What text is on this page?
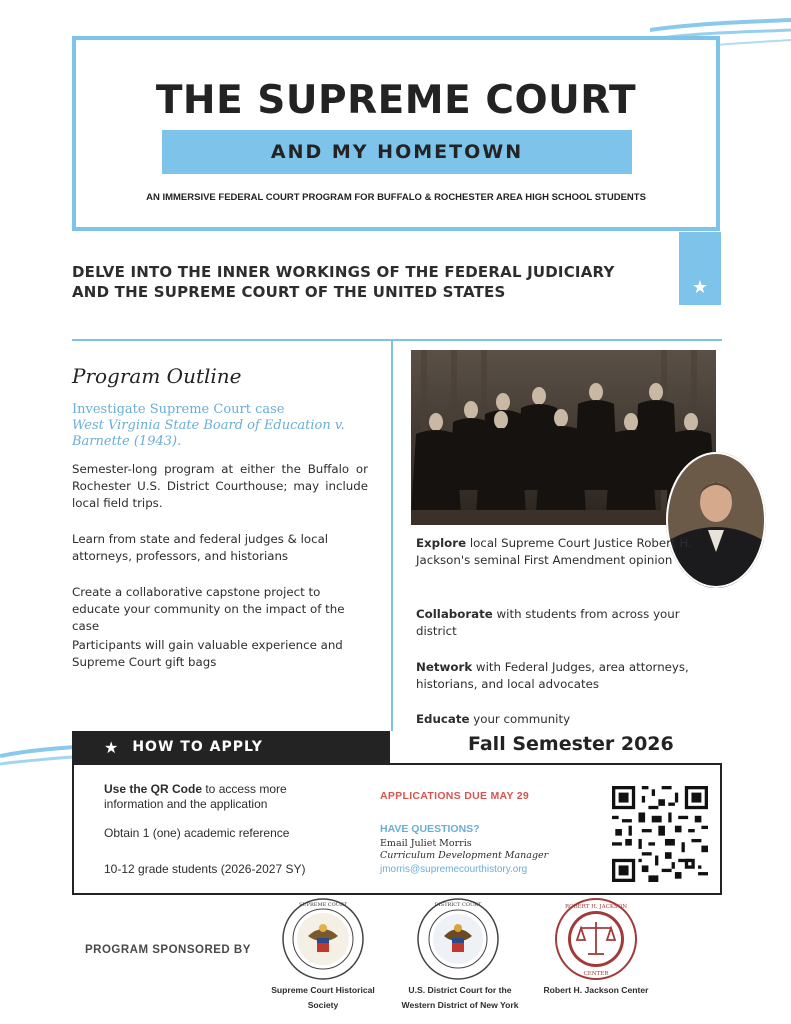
THE SUPREME COURT
AND MY HOMETOWN
AN IMMERSIVE FEDERAL COURT PROGRAM FOR BUFFALO & ROCHESTER AREA HIGH SCHOOL STUDENTS
★
DELVE INTO THE INNER WORKINGS OF THE FEDERAL JUDICIARY
AND THE SUPREME COURT OF THE UNITED STATES
Program Outline
Investigate Supreme Court case
West Virginia State Board of Education v. Barnette (1943).
Semester-long program at either the Buffalo or Rochester U.S. District Courthouse; may include local field trips.
Learn from state and federal judges & local attorneys, professors, and historians
Create a collaborative capstone project to educate your community on the impact of the case
Participants will gain valuable experience and Supreme Court gift bags
Explore local Supreme Court Justice Robert H. Jackson's seminal First Amendment opinion
Collaborate with students from across your district
Network with Federal Judges, area attorneys, historians, and local advocates
Educate your community
★ HOW TO APPLY	Fall Semester 2026
Use the QR Code to access more information and the application
Obtain 1 (one) academic reference
10-12 grade students (2026-2027 SY)
APPLICATIONS DUE MAY 29
HAVE QUESTIONS?
Email Juliet Morris
Curriculum Development Manager
jmorris@supremecourthistory.org
PROGRAM SPONSORED BY
SUPREME COURT	DISTRICT COURT	ROBERT H. JACKSON
CENTER
Supreme Court Historical
Society
U.S. District Court for the
Western District of New York
Robert H. Jackson Center
